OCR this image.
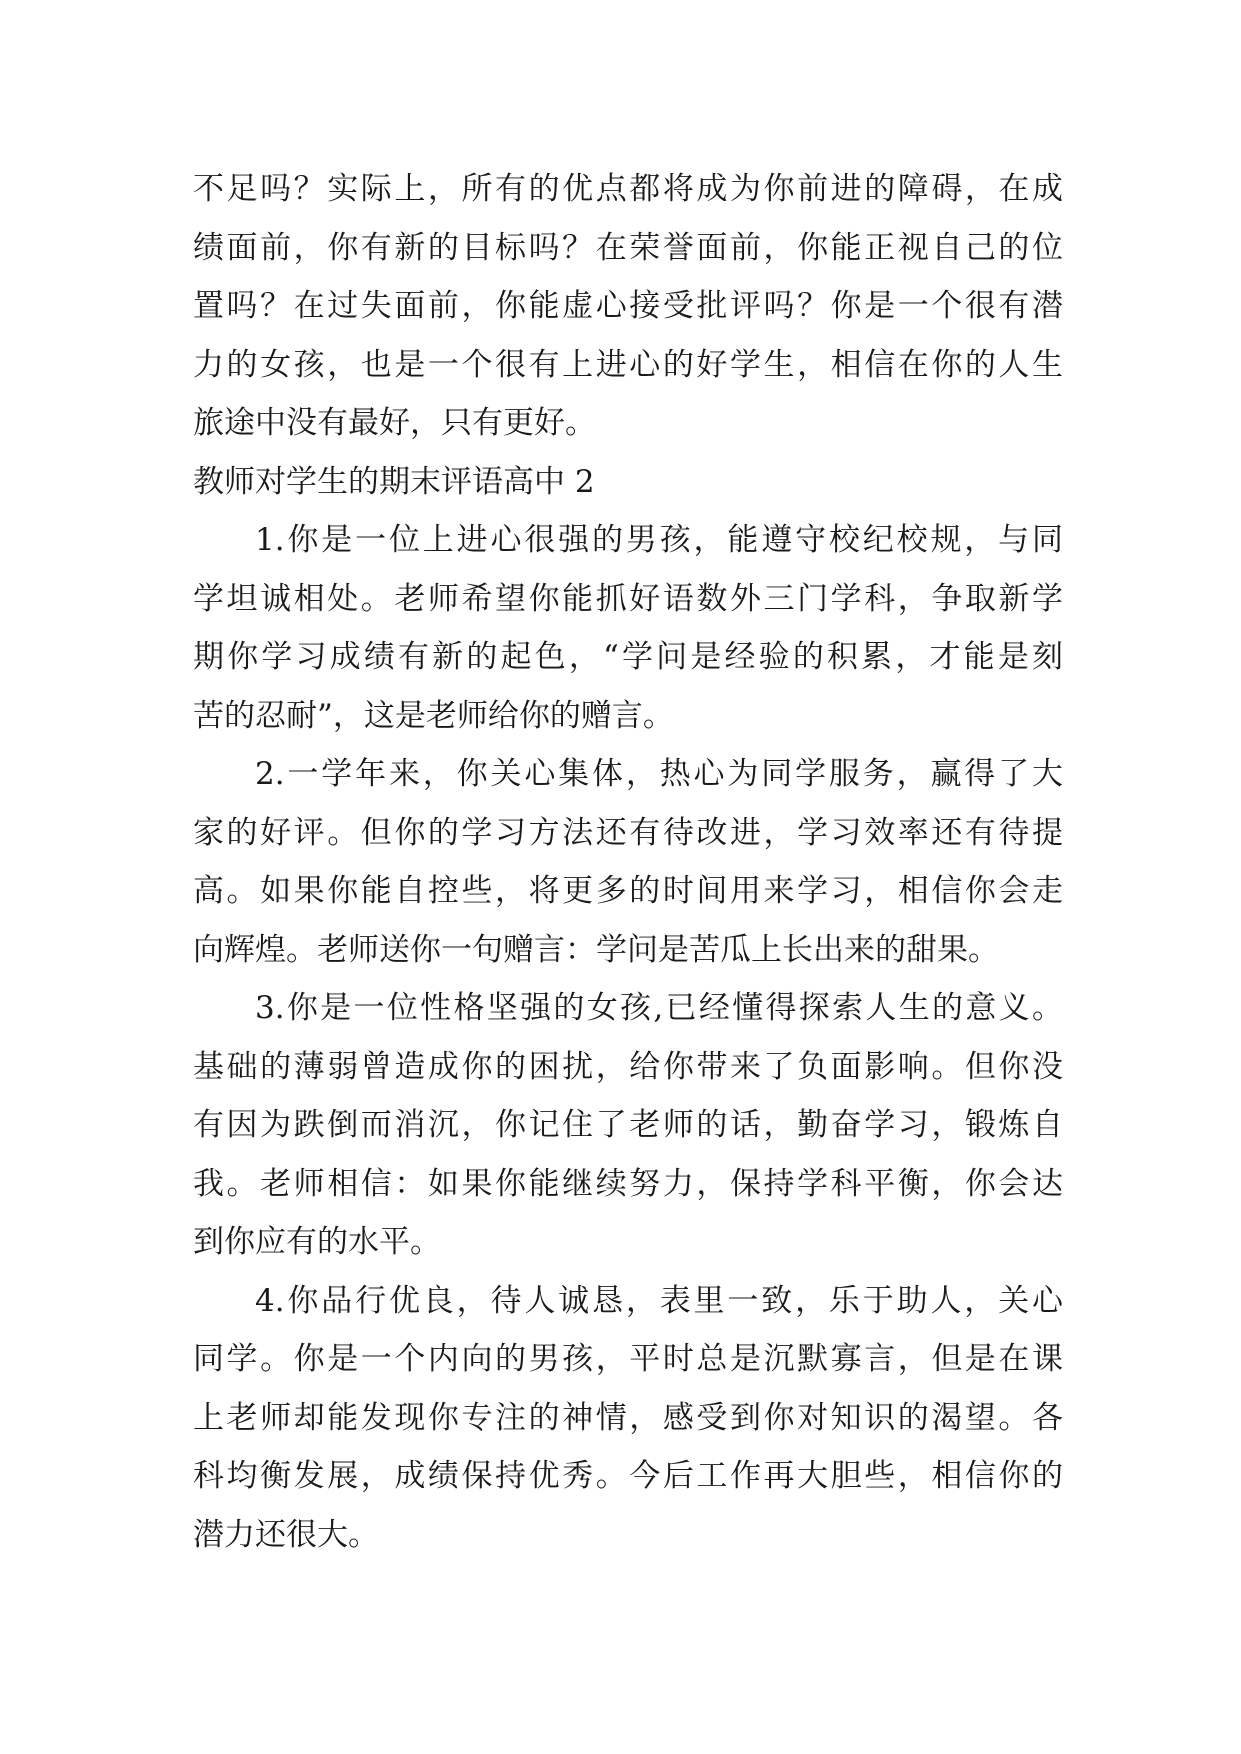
不足吗？实际上，所有的优点都将成为你前进的障碍，在成
绩面前，你有新的目标吗？在荣誉面前，你能正视自己的位
置吗？在过失面前，你能虚心接受批评吗？你是一个很有潜
力的女孩，也是一个很有上进心的好学生，相信在你的人生
旅途中没有最好，只有更好。
教师对学生的期末评语高中 2
1.你是一位上进心很强的男孩，能遵守校纪校规，与同
学坦诚相处。老师希望你能抓好语数外三门学科，争取新学
期你学习成绩有新的起色，“学问是经验的积累，才能是刻
苦的忍耐”，这是老师给你的赠言。
2.一学年来，你关心集体，热心为同学服务，赢得了大
家的好评。但你的学习方法还有待改进，学习效率还有待提
高。如果你能自控些，将更多的时间用来学习，相信你会走
向辉煌。老师送你一句赠言：学问是苦瓜上长出来的甜果。
3.你是一位性格坚强的女孩,已经懂得探索人生的意义。
基础的薄弱曾造成你的困扰，给你带来了负面影响。但你没
有因为跌倒而消沉，你记住了老师的话，勤奋学习，锻炼自
我。老师相信：如果你能继续努力，保持学科平衡，你会达
到你应有的水平。
4.你品行优良，待人诚恳，表里一致，乐于助人，关心
同学。你是一个内向的男孩，平时总是沉默寡言，但是在课
上老师却能发现你专注的神情，感受到你对知识的渴望。各
科均衡发展，成绩保持优秀。今后工作再大胆些，相信你的
潜力还很大。
